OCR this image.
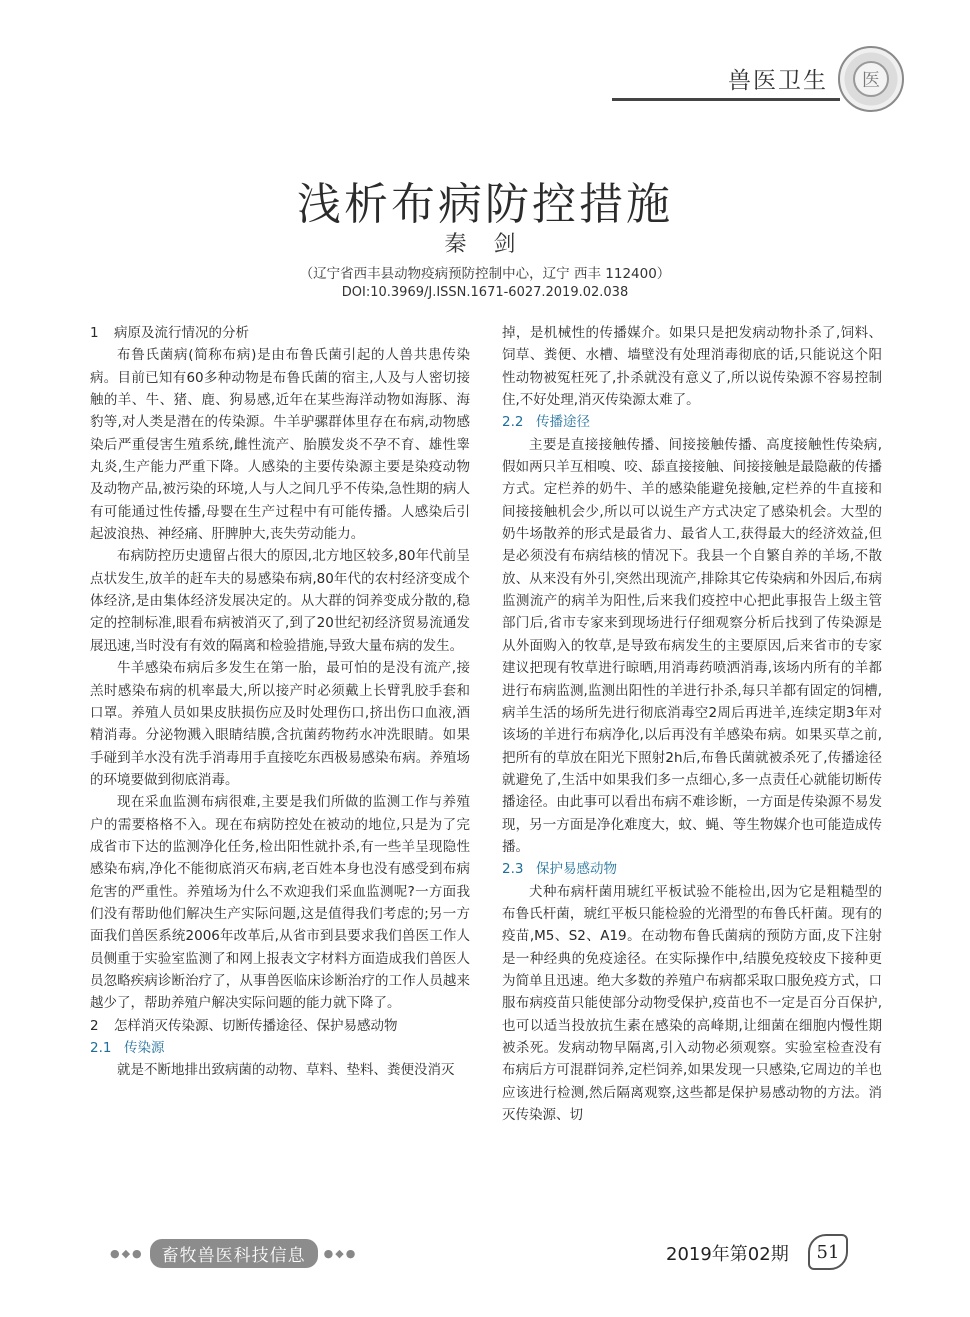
兽医卫生	医
浅析布病防控措施
秦 剑
（辽宁省西丰县动物疫病预防控制中心，辽宁 西丰 112400）
DOI:10.3969/J.ISSN.1671-6027.2019.02.038
1 病原及流行情况的分析

布鲁氏菌病(简称布病)是由布鲁氏菌引起的人兽共患传染病。目前已知有60多种动物是布鲁氏菌的宿主,人及与人密切接触的羊、牛、猪、鹿、狗易感,近年在某些海洋动物如海豚、海豹等,对人类是潜在的传染源。牛羊驴骡群体里存在布病,动物感染后严重侵害生殖系统,雌性流产、胎膜发炎不孕不育、雄性睾丸炎,生产能力严重下降。人感染的主要传染源主要是染疫动物及动物产品,被污染的环境,人与人之间几乎不传染,急性期的病人有可能通过性传播,母婴在生产过程中有可能传播。人感染后引起波浪热、神经痛、肝脾肿大,丧失劳动能力。

布病防控历史遗留占很大的原因,北方地区较多,80年代前呈点状发生,放羊的赶车夫的易感染布病,80年代的农村经济变成个体经济,是由集体经济发展决定的。从大群的饲养变成分散的,稳定的控制标准,眼看布病被消灭了,到了20世纪初经济贸易流通发展迅速,当时没有有效的隔离和检验措施,导致大量布病的发生。

牛羊感染布病后多发生在第一胎，最可怕的是没有流产,接羔时感染布病的机率最大,所以接产时必须戴上长臂乳胶手套和口罩。养殖人员如果皮肤损伤应及时处理伤口,挤出伤口血液,酒精消毒。分泌物溅入眼睛结膜,含抗菌药物药水冲洗眼睛。如果手碰到羊水没有洗手消毒用手直接吃东西极易感染布病。养殖场的环境要做到彻底消毒。

现在采血监测布病很难,主要是我们所做的监测工作与养殖户的需要格格不入。现在布病防控处在被动的地位,只是为了完成省市下达的监测净化任务,检出阳性就扑杀,有一些羊呈现隐性感染布病,净化不能彻底消灭布病,老百姓本身也没有感受到布病危害的严重性。养殖场为什么不欢迎我们采血监测呢?一方面我们没有帮助他们解决生产实际问题,这是值得我们考虑的;另一方面我们兽医系统2006年改革后,从省市到县要求我们兽医工作人员侧重于实验室监测了和网上报表文字材料方面造成我们兽医人员忽略疾病诊断治疗了，从事兽医临床诊断治疗的工作人员越来越少了，帮助养殖户解决实际问题的能力就下降了。

2 怎样消灭传染源、切断传播途径、保护易感动物
2.1 传染源

就是不断地排出致病菌的动物、草料、垫料、粪便没消灭

掉，是机械性的传播媒介。如果只是把发病动物扑杀了,饲料、饲草、粪便、水槽、墙壁没有处理消毒彻底的话,只能说这个阳性动物被冤枉死了,扑杀就没有意义了,所以说传染源不容易控制住,不好处理,消灭传染源太难了。

2.2 传播途径

主要是直接接触传播、间接接触传播、高度接触性传染病,假如两只羊互相嗅、咬、舔直接接触、间接接触是最隐蔽的传播方式。定栏养的奶牛、羊的感染能避免接触,定栏养的牛直接和间接接触机会少,所以可以说生产方式决定了感染机会。大型的奶牛场散养的形式是最省力、最省人工,获得最大的经济效益,但是必须没有布病结核的情况下。我县一个自繁自养的羊场,不散放、从来没有外引,突然出现流产,排除其它传染病和外因后,布病监测流产的病羊为阳性,后来我们疫控中心把此事报告上级主管部门后,省市专家来到现场进行仔细观察分析后找到了传染源是从外面购入的牧草,是导致布病发生的主要原因,后来省市的专家建议把现有牧草进行晾晒,用消毒药喷洒消毒,该场内所有的羊都进行布病监测,监测出阳性的羊进行扑杀,每只羊都有固定的饲槽,病羊生活的场所先进行彻底消毒空2周后再进羊,连续定期3年对该场的羊进行布病净化,以后再没有羊感染布病。如果买草之前,把所有的草放在阳光下照射2h后,布鲁氏菌就被杀死了,传播途径就避免了,生活中如果我们多一点细心,多一点责任心就能切断传播途径。由此事可以看出布病不难诊断，一方面是传染源不易发现，另一方面是净化难度大，蚊、蝇、等生物媒介也可能造成传播。

2.3 保护易感动物

犬种布病杆菌用琥红平板试验不能检出,因为它是粗糙型的布鲁氏杆菌，琥红平板只能检验的光滑型的布鲁氏杆菌。现有的疫苗,M5、S2、A19。在动物布鲁氏菌病的预防方面,皮下注射是一种经典的免疫途径。在实际操作中,结膜免疫较皮下接种更为简单且迅速。绝大多数的养殖户布病都采取口服免疫方式，口服布病疫苗只能使部分动物受保护,疫苗也不一定是百分百保护,也可以适当投放抗生素在感染的高峰期,让细菌在细胞内慢性期被杀死。发病动物早隔离,引入动物必须观察。实验室检查没有布病后方可混群饲养,定栏饲养,如果发现一只感染,它周边的羊也应该进行检测,然后隔离观察,这些都是保护易感动物的方法。消灭传染源、切

●◆●	畜牧兽医科技信息	●◆●	2019年第02期	51
